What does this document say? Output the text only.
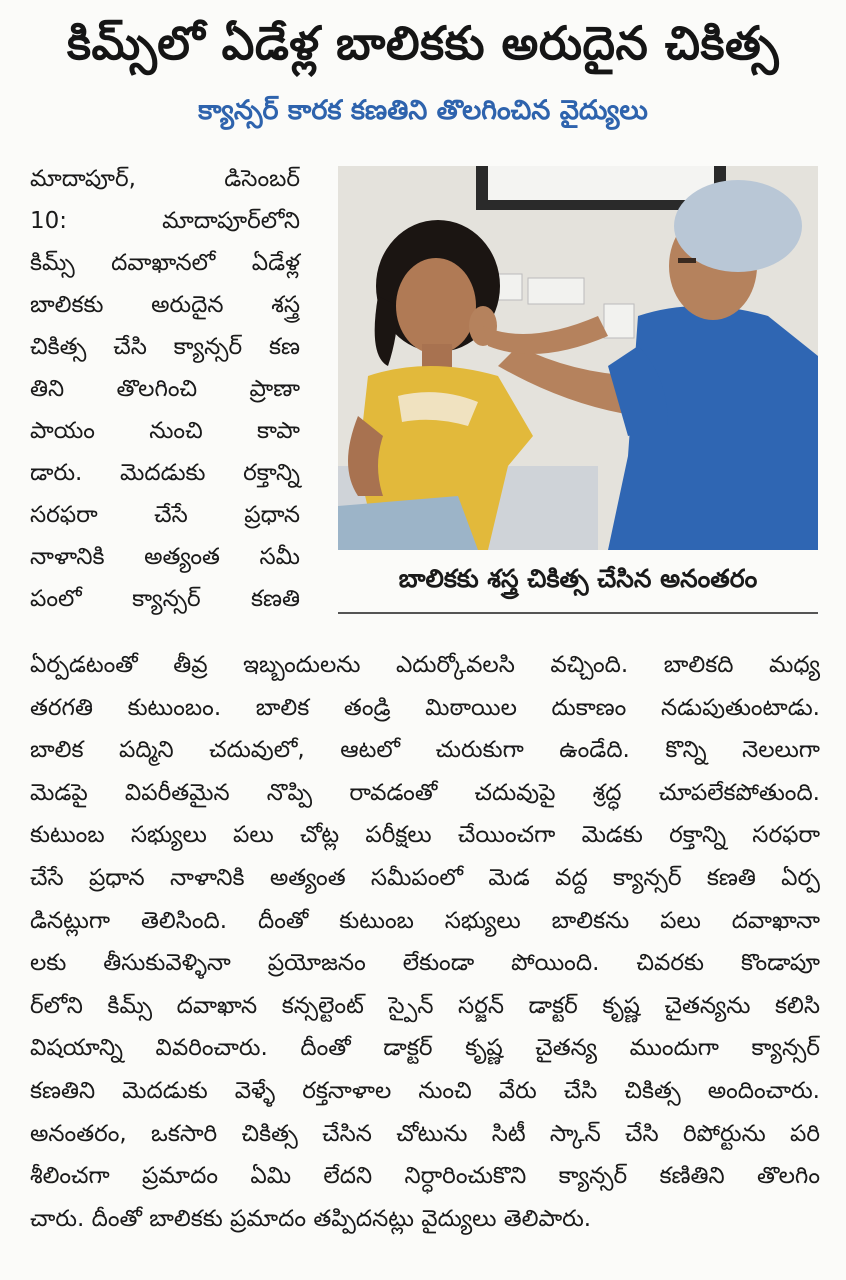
కిమ్స్‌లో ఏడేళ్ల బాలికకు అరుదైన చికిత్స
క్యాన్సర్ కారక కణతిని తొలగించిన వైద్యులు
మాదాపూర్, డిసెంబర్
10: మాదాపూర్‌లోని
కిమ్స్ దవాఖానలో ఏడేళ్ల
బాలికకు అరుదైన శస్త్ర
చికిత్స చేసి క్యాన్సర్ కణ
తిని తొలగించి ప్రాణా
పాయం నుంచి కాపా
డారు. మెదడుకు రక్తాన్ని
సరఫరా చేసే ప్రధాన
నాళానికి అత్యంత సమీ
పంలో క్యాన్సర్ కణతి
బాలికకు శస్త్ర చికిత్స చేసిన అనంతరం
ఏర్పడటంతో తీవ్ర ఇబ్బందులను ఎదుర్కోవలసి వచ్చింది. బాలికది మధ్య
తరగతి కుటుంబం. బాలిక తండ్రి మిఠాయిల దుకాణం నడుపుతుంటాడు.
బాలిక పద్మిని చదువులో, ఆటలో చురుకుగా ఉండేది. కొన్ని నెలలుగా
మెడపై విపరీతమైన నొప్పి రావడంతో చదువుపై శ్రద్ధ చూపలేకపోతుంది.
కుటుంబ సభ్యులు పలు చోట్ల పరీక్షలు చేయించగా మెడకు రక్తాన్ని సరఫరా
చేసే ప్రధాన నాళానికి అత్యంత సమీపంలో మెడ వద్ద క్యాన్సర్ కణతి ఏర్ప
డినట్లుగా తెలిసింది. దీంతో కుటుంబ సభ్యులు బాలికను పలు దవాఖానా
లకు తీసుకువెళ్ళినా ప్రయోజనం లేకుండా పోయింది. చివరకు కొండాపూ
ర్‌లోని కిమ్స్ దవాఖాన కన్సల్టెంట్ స్పైన్ సర్జన్ డాక్టర్ కృష్ణ చైతన్యను కలిసి
విషయాన్ని వివరించారు. దీంతో డాక్టర్ కృష్ణ చైతన్య ముందుగా క్యాన్సర్
కణతిని మెదడుకు వెళ్ళే రక్తనాళాల నుంచి వేరు చేసి చికిత్స అందించారు.
అనంతరం, ఒకసారి చికిత్స చేసిన చోటును సిటీ స్కాన్ చేసి రిపోర్టును పరి
శీలించగా ప్రమాదం ఏమి లేదని నిర్ధారించుకొని క్యాన్సర్ కణితిని తొలగిం
చారు. దీంతో బాలికకు ప్రమాదం తప్పిదనట్లు వైద్యులు తెలిపారు.
